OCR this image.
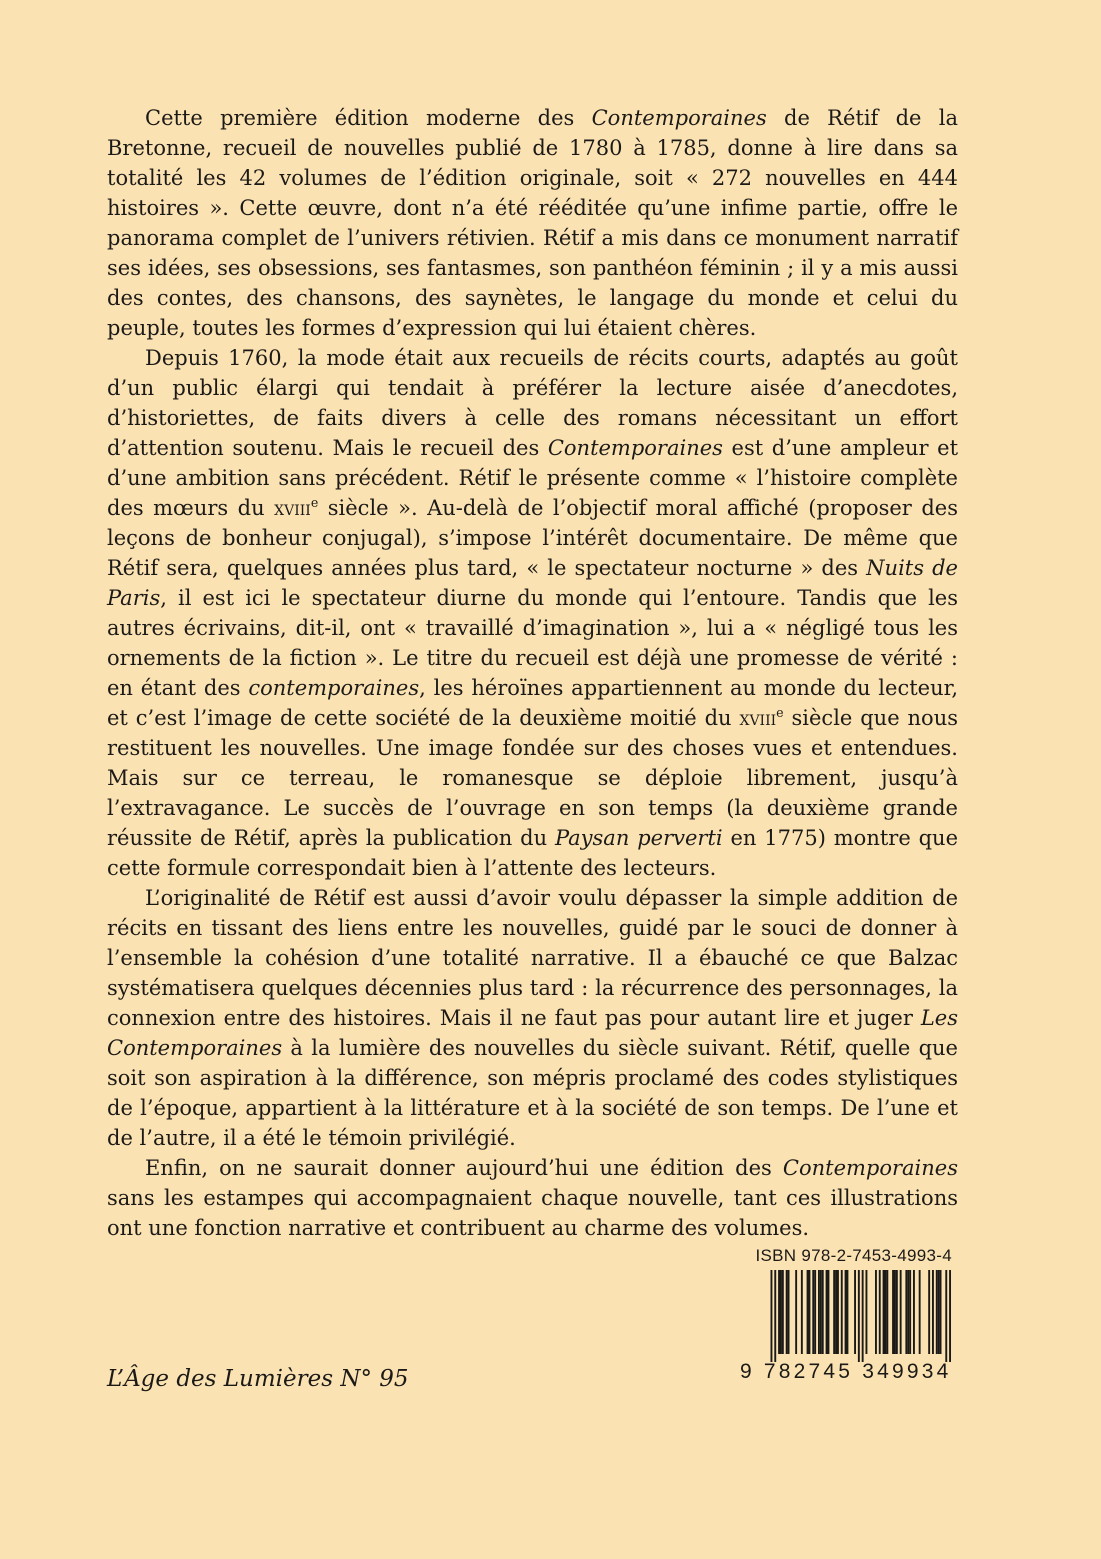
Cette première édition moderne des Contemporaines de Rétif de la Bretonne, recueil de nouvelles publié de 1780 à 1785, donne à lire dans sa totalité les 42 volumes de l’édition originale, soit « 272 nouvelles en 444 histoires ». Cette œuvre, dont n’a été rééditée qu’une infime partie, offre le panorama complet de l’univers rétivien. Rétif a mis dans ce monument narratif ses idées, ses obsessions, ses fantasmes, son panthéon féminin ; il y a mis aussi des contes, des chansons, des saynètes, le langage du monde et celui du peuple, toutes les formes d’expression qui lui étaient chères.

Depuis 1760, la mode était aux recueils de récits courts, adaptés au goût d’un public élargi qui tendait à préférer la lecture aisée d’anecdotes, d’historiettes, de faits divers à celle des romans nécessitant un effort d’attention soutenu. Mais le recueil des Contemporaines est d’une ampleur et d’une ambition sans précédent. Rétif le présente comme « l’histoire complète des mœurs du xviii$^e$ siècle ». Au-delà de l’objectif moral affiché (proposer des leçons de bonheur conjugal), s’impose l’intérêt documentaire. De même que Rétif sera, quelques années plus tard, « le spectateur nocturne » des Nuits de Paris, il est ici le spectateur diurne du monde qui l’entoure. Tandis que les autres écrivains, dit-il, ont « travaillé d’imagination », lui a « négligé tous les ornements de la fiction ». Le titre du recueil est déjà une promesse de vérité : en étant des contemporaines, les héroïnes appartiennent au monde du lecteur, et c’est l’image de cette société de la deuxième moitié du xviii$^e$ siècle que nous restituent les nouvelles. Une image fondée sur des choses vues et entendues. Mais sur ce terreau, le romanesque se déploie librement, jusqu’à l’extravagance. Le succès de l’ouvrage en son temps (la deuxième grande réussite de Rétif, après la publication du Paysan perverti en 1775) montre que cette formule correspondait bien à l’attente des lecteurs.

L’originalité de Rétif est aussi d’avoir voulu dépasser la simple addition de récits en tissant des liens entre les nouvelles, guidé par le souci de donner à l’ensemble la cohésion d’une totalité narrative. Il a ébauché ce que Balzac systématisera quelques décennies plus tard : la récurrence des personnages, la connexion entre des histoires. Mais il ne faut pas pour autant lire et juger Les Contemporaines à la lumière des nouvelles du siècle suivant. Rétif, quelle que soit son aspiration à la différence, son mépris proclamé des codes stylistiques de l’époque, appartient à la littérature et à la société de son temps. De l’une et de l’autre, il a été le témoin privilégié.

Enfin, on ne saurait donner aujourd’hui une édition des Contemporaines sans les estampes qui accompagnaient chaque nouvelle, tant ces illustrations ont une fonction narrative et contribuent au charme des volumes.

L’Âge des Lumières N° 95
ISBN 978-2-7453-4993-4
9 782745 349934
